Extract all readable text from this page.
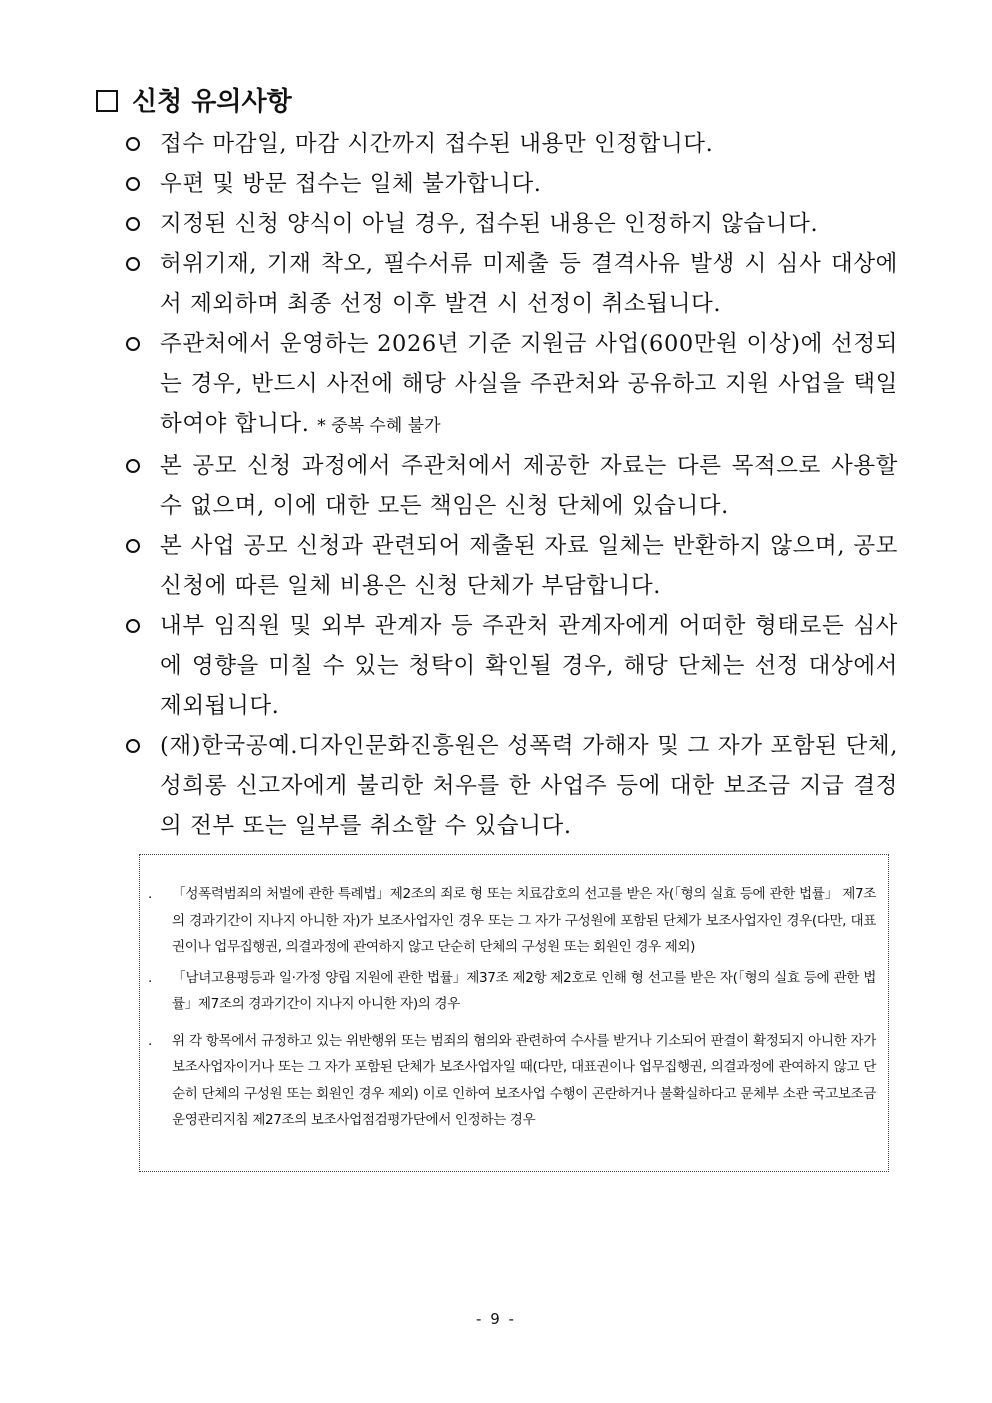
신청 유의사항

접수 마감일, 마감 시간까지 접수된 내용만 인정합니다.

우편 및 방문 접수는 일체 불가합니다.

지정된 신청 양식이 아닐 경우, 접수된 내용은 인정하지 않습니다.

허위기재, 기재 착오, 필수서류 미제출 등 결격사유 발생 시 심사 대상에서 제외하며 최종 선정 이후 발견 시 선정이 취소됩니다.

주관처에서 운영하는 2026년 기준 지원금 사업(600만원 이상)에 선정되는 경우, 반드시 사전에 해당 사실을 주관처와 공유하고 지원 사업을 택일하여야 합니다. * 중복 수혜 불가

본 공모 신청 과정에서 주관처에서 제공한 자료는 다른 목적으로 사용할 수 없으며, 이에 대한 모든 책임은 신청 단체에 있습니다.

본 사업 공모 신청과 관련되어 제출된 자료 일체는 반환하지 않으며, 공모 신청에 따른 일체 비용은 신청 단체가 부담합니다.

내부 임직원 및 외부 관계자 등 주관처 관계자에게 어떠한 형태로든 심사에 영향을 미칠 수 있는 청탁이 확인될 경우, 해당 단체는 선정 대상에서 제외됩니다.

(재)한국공예.디자인문화진흥원은 성폭력 가해자 및 그 자가 포함된 단체, 성희롱 신고자에게 불리한 처우를 한 사업주 등에 대한 보조금 지급 결정의 전부 또는 일부를 취소할 수 있습니다.

. 「성폭력범죄의 처벌에 관한 특례법」제2조의 죄로 형 또는 치료감호의 선고를 받은 자(「형의 실효 등에 관한 법률」 제7조의 경과기간이 지나지 아니한 자)가 보조사업자인 경우 또는 그 자가 구성원에 포함된 단체가 보조사업자인 경우(다만, 대표권이나 업무집행권, 의결과정에 관여하지 않고 단순히 단체의 구성원 또는 회원인 경우 제외)
. 「남녀고용평등과 일·가정 양립 지원에 관한 법률」제37조 제2항 제2호로 인해 형 선고를 받은 자(「형의 실효 등에 관한 법률」제7조의 경과기간이 지나지 아니한 자)의 경우
. 위 각 항목에서 규정하고 있는 위반행위 또는 범죄의 혐의와 관련하여 수사를 받거나 기소되어 판결이 확정되지 아니한 자가 보조사업자이거나 또는 그 자가 포함된 단체가 보조사업자일 때(다만, 대표권이나 업무집행권, 의결과정에 관여하지 않고 단순히 단체의 구성원 또는 회원인 경우 제외) 이로 인하여 보조사업 수행이 곤란하거나 불확실하다고 문체부 소관 국고보조금 운영관리지침 제27조의 보조사업점검평가단에서 인정하는 경우
- 9 -
